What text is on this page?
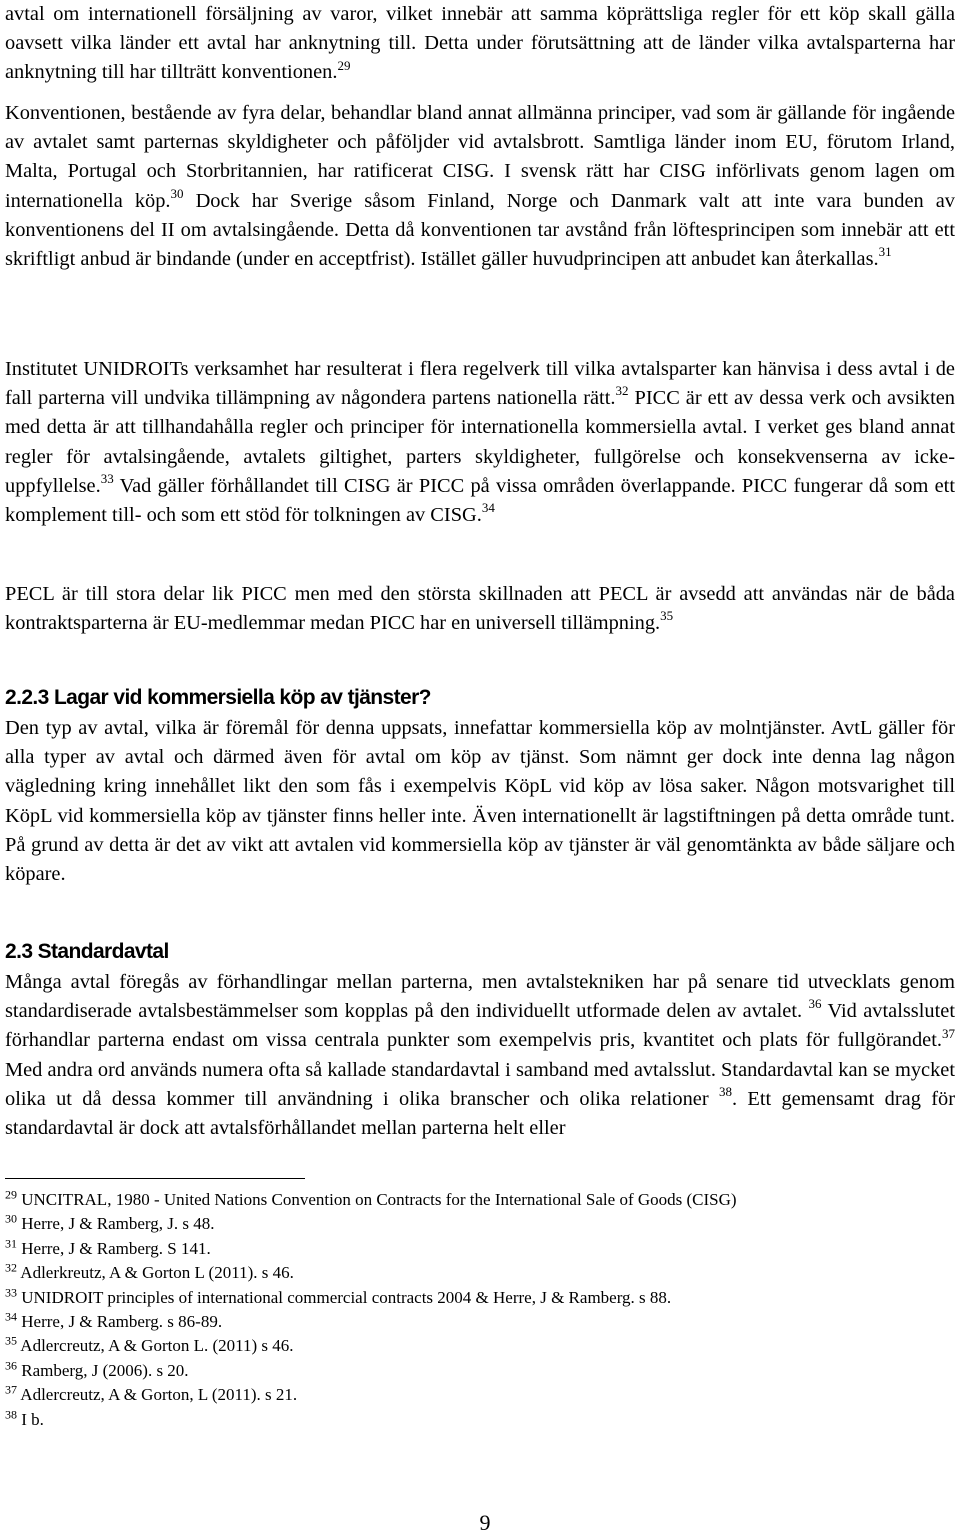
avtal om internationell försäljning av varor, vilket innebär att samma köprättsliga regler för ett köp skall gälla oavsett vilka länder ett avtal har anknytning till. Detta under förutsättning att de länder vilka avtalsparterna har anknytning till har tillträtt konventionen.$^{29}$

Konventionen, bestående av fyra delar, behandlar bland annat allmänna principer, vad som är gällande för ingående av avtalet samt parternas skyldigheter och påföljder vid avtalsbrott. Samtliga länder inom EU, förutom Irland, Malta, Portugal och Storbritannien, har ratificerat CISG. I svensk rätt har CISG införlivats genom lagen om internationella köp.$^{30}$ Dock har Sverige såsom Finland, Norge och Danmark valt att inte vara bunden av konventionens del II om avtalsingående. Detta då konventionen tar avstånd från löftesprincipen som innebär att ett skriftligt anbud är bindande (under en acceptfrist). Istället gäller huvudprincipen att anbudet kan återkallas.$^{31}$

Institutet UNIDROITs verksamhet har resulterat i flera regelverk till vilka avtalsparter kan hänvisa i dess avtal i de fall parterna vill undvika tillämpning av någondera partens nationella rätt.$^{32}$ PICC är ett av dessa verk och avsikten med detta är att tillhandahålla regler och principer för internationella kommersiella avtal. I verket ges bland annat regler för avtalsingående, avtalets giltighet, parters skyldigheter, fullgörelse och konsekvenserna av icke-uppfyllelse.$^{33}$ Vad gäller förhållandet till CISG är PICC på vissa områden överlappande. PICC fungerar då som ett komplement till- och som ett stöd för tolkningen av CISG.$^{34}$

PECL är till stora delar lik PICC men med den största skillnaden att PECL är avsedd att användas när de båda kontraktsparterna är EU-medlemmar medan PICC har en universell tillämpning.$^{35}$

2.2.3 Lagar vid kommersiella köp av tjänster?

Den typ av avtal, vilka är föremål för denna uppsats, innefattar kommersiella köp av molntjänster. AvtL gäller för alla typer av avtal och därmed även för avtal om köp av tjänst. Som nämnt ger dock inte denna lag någon vägledning kring innehållet likt den som fås i exempelvis KöpL vid köp av lösa saker. Någon motsvarighet till KöpL vid kommersiella köp av tjänster finns heller inte. Även internationellt är lagstiftningen på detta område tunt. På grund av detta är det av vikt att avtalen vid kommersiella köp av tjänster är väl genomtänkta av både säljare och köpare.

2.3 Standardavtal

Många avtal föregås av förhandlingar mellan parterna, men avtalstekniken har på senare tid utvecklats genom standardiserade avtalsbestämmelser som kopplas på den individuellt utformade delen av avtalet. $^{36}$ Vid avtalsslutet förhandlar parterna endast om vissa centrala punkter som exempelvis pris, kvantitet och plats för fullgörandet.$^{37}$ Med andra ord används numera ofta så kallade standardavtal i samband med avtalsslut. Standardavtal kan se mycket olika ut då dessa kommer till användning i olika branscher och olika relationer $^{38}$. Ett gemensamt drag för standardavtal är dock att avtalsförhållandet mellan parterna helt eller

$^{29}$ UNCITRAL, 1980 - United Nations Convention on Contracts for the International Sale of Goods (CISG)

$^{30}$ Herre, J & Ramberg, J. s 48.

$^{31}$ Herre, J & Ramberg. S 141.

$^{32}$ Adlerkreutz, A & Gorton L (2011). s 46.

$^{33}$ UNIDROIT principles of international commercial contracts 2004 & Herre, J & Ramberg. s 88.

$^{34}$ Herre, J & Ramberg. s 86-89.

$^{35}$ Adlercreutz, A & Gorton L. (2011) s 46.

$^{36}$ Ramberg, J (2006). s 20.

$^{37}$ Adlercreutz, A & Gorton, L (2011). s 21.

$^{38}$ I b.

9
